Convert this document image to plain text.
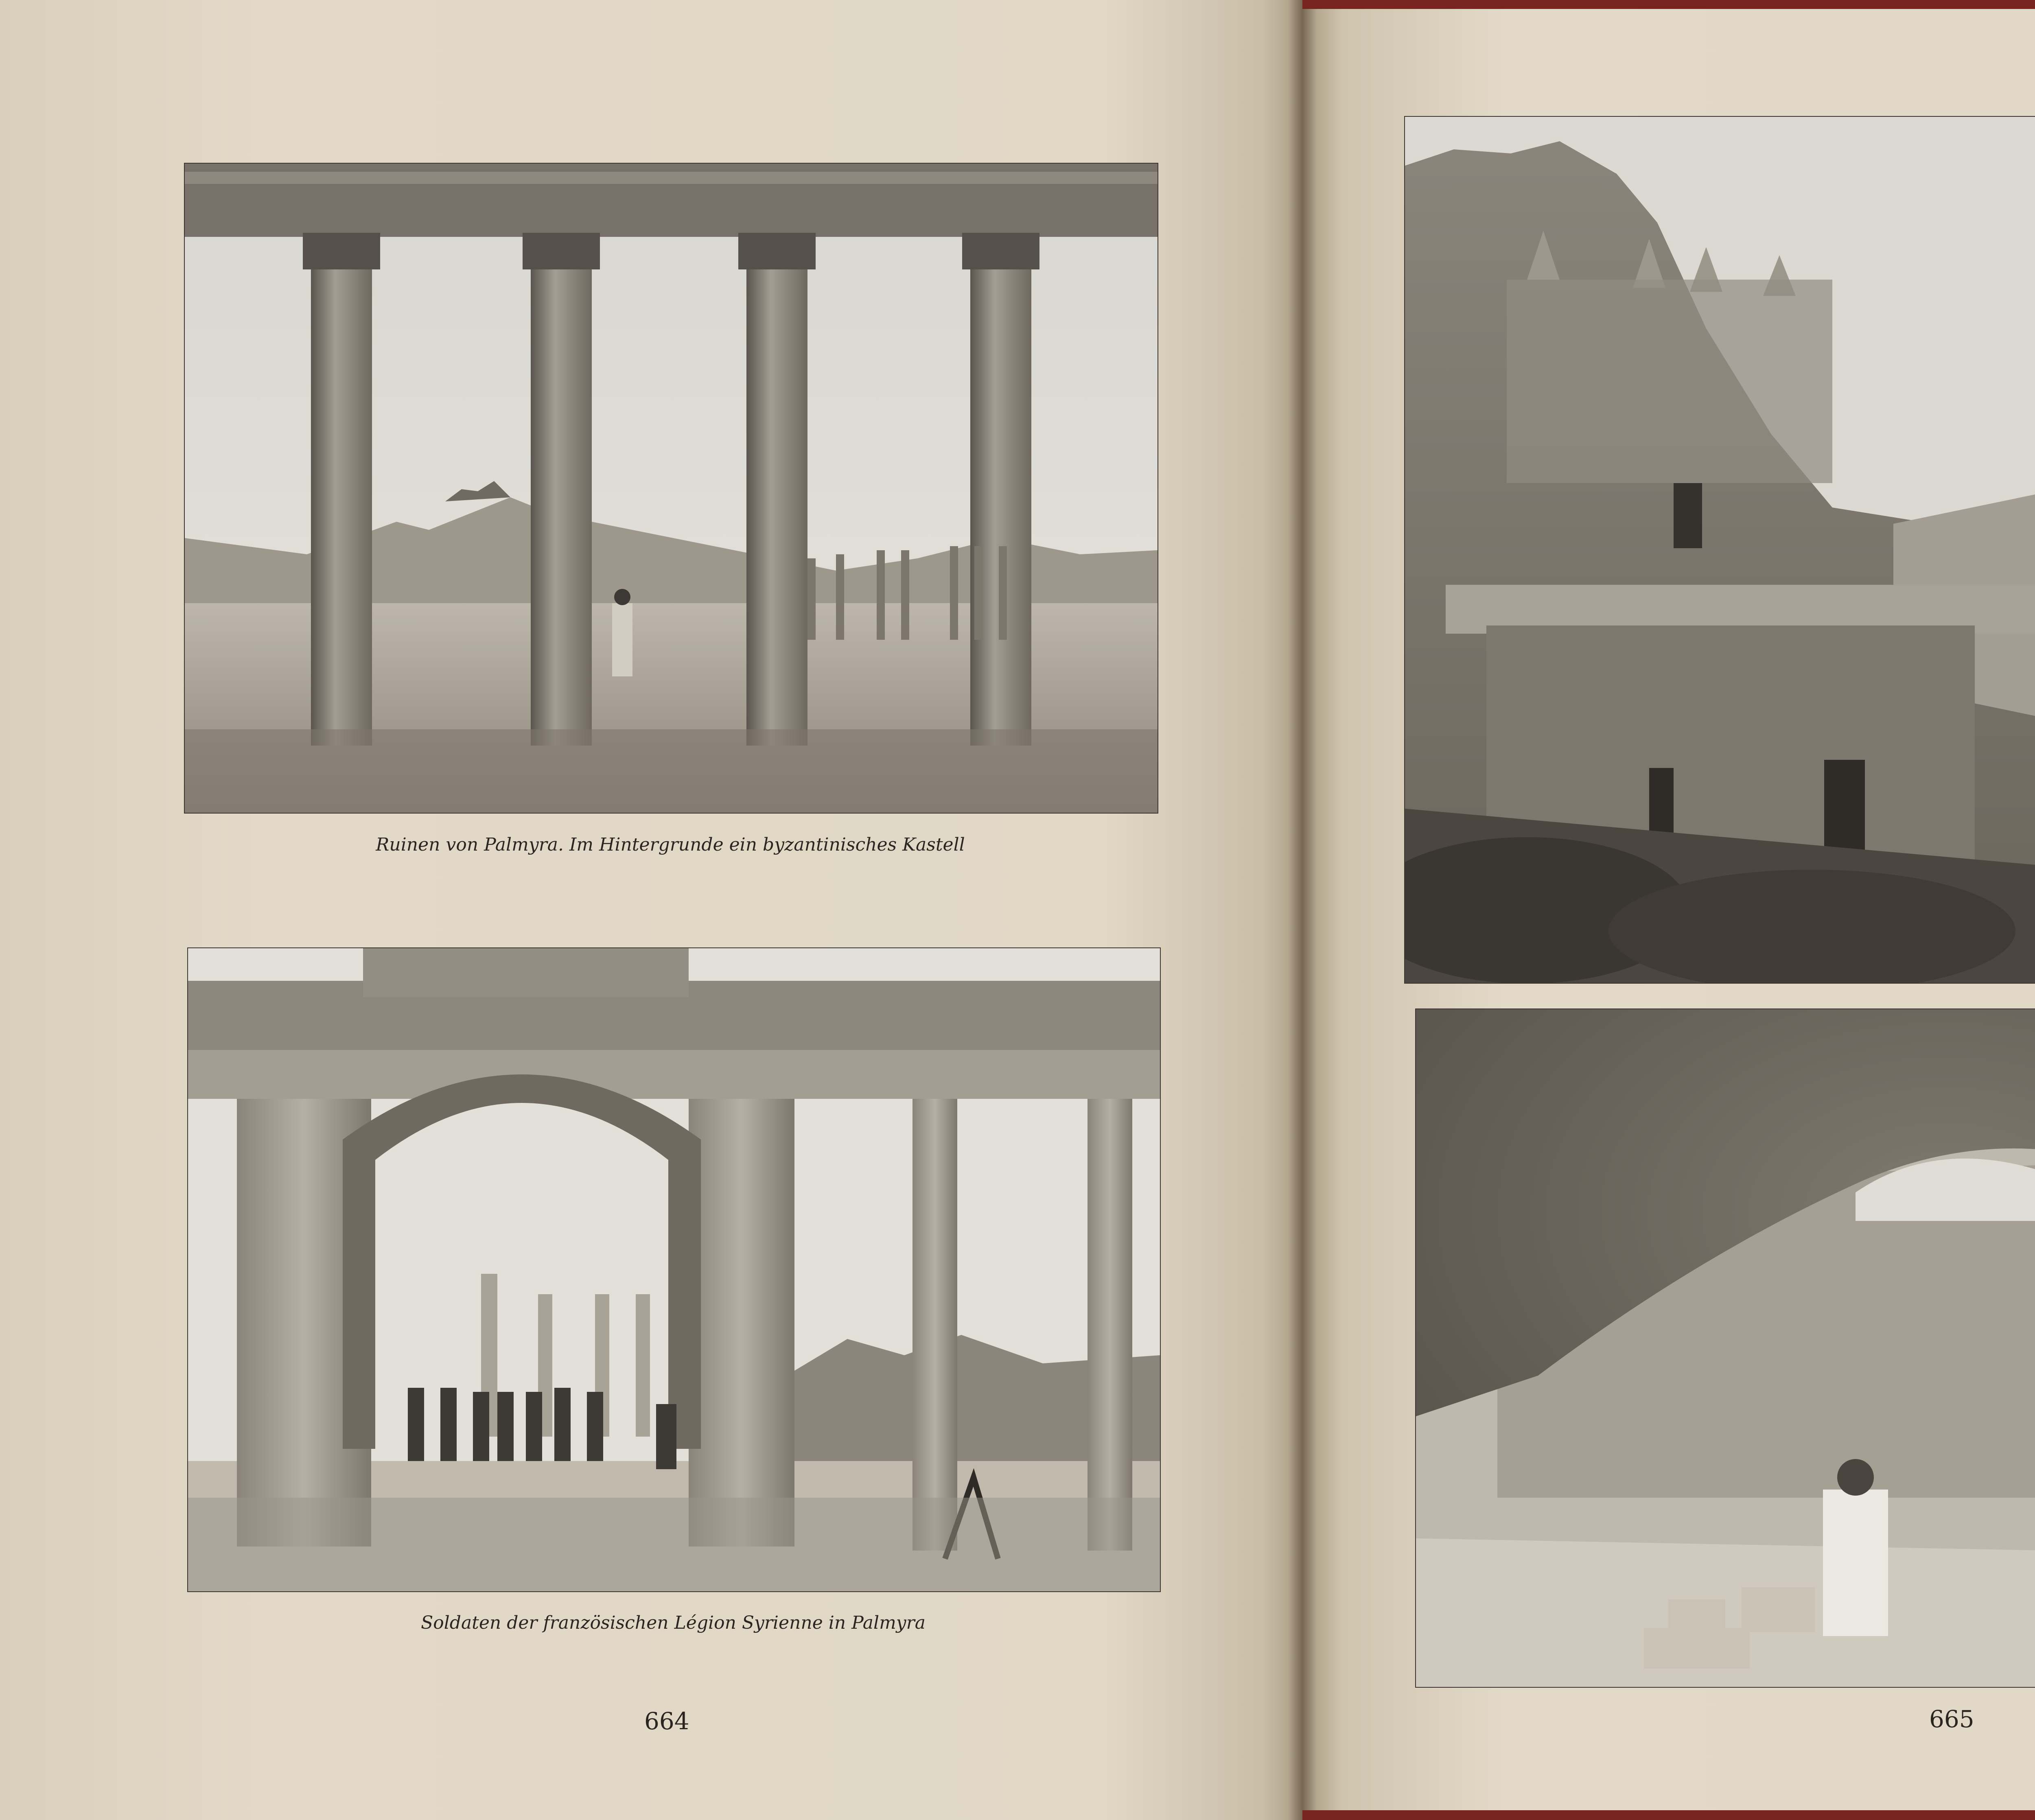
Ruinen von Palmyra. Im Hintergrunde ein byzantinisches Kastell
Soldaten der französischen Légion Syrienne in Palmyra
664	665
